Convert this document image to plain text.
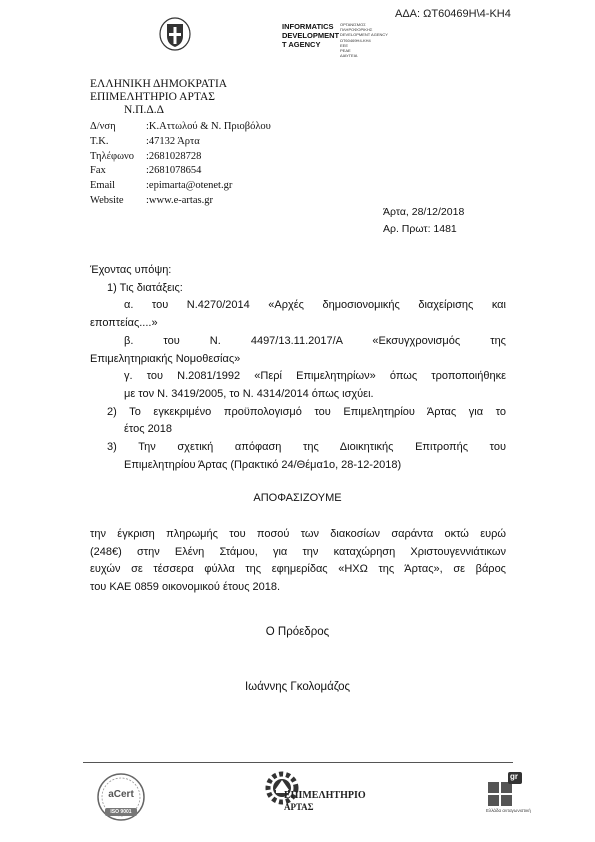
ΑΔΑ: ΩΤ60469Η\4-ΚΗ4
INFORMATICS
DEVELOPMENT
T AGENCY
ΟΡΓΑΝΙΣΜΟΣ
ΠΛΗΡΟΦΟΡΙΚΗΣ
DEVELOPMENT AGENCY
ΩΤ60469Η4-ΚΗ4
EEE
PEAE
ΔΙΑΥΓΕΙΑ
ΕΛΛΗΝΙΚΗ ΔΗΜΟΚΡΑΤΙΑ
ΕΠΙΜΕΛΗΤΗΡΙΟ ΑΡΤΑΣ
Ν.Π.Δ.Δ
Δ/νση	:Κ.Αττωλού & Ν. Πριοβόλου
Τ.Κ.	:47132 Άρτα
Τηλέφωνο :2681028728
Fax	:2681078654
Email	:epimarta@otenet.gr
Website :www.e-artas.gr
Άρτα, 28/12/2018
Αρ. Πρωτ: 1481
Έχοντας υπόψη:
1) Τις διατάξεις:
α. του Ν.4270/2014 «Αρχές δημοσιονομικής διαχείρισης και
εποπτείας....»
β. του Ν. 4497/13.11.2017/Α «Εκσυγχρονισμός της
Επιμελητηριακής Νομοθεσίας»
γ. του Ν.2081/1992 «Περί Επιμελητηρίων» όπως τροποποιήθηκε
με τον Ν. 3419/2005, το Ν. 4314/2014 όπως ισχύει.
2) Το εγκεκριμένο προϋπολογισμό του Επιμελητηρίου Άρτας για το
έτος 2018
3) Την σχετική απόφαση της Διοικητικής Επιτροπής του
Επιμελητηρίου Άρτας (Πρακτικό 24/Θέμα1ο, 28-12-2018)
ΑΠΟΦΑΣΙΖΟΥΜΕ
την έγκριση πληρωμής του ποσού των διακοσίων σαράντα οκτώ ευρώ
(248€) στην Ελένη Στάμου, για την καταχώρηση Χριστουγεννιάτικων
ευχών σε τέσσερα φύλλα της εφημερίδας «ΗΧΩ της Άρτας», σε βάρος
του ΚΑΕ 0859 οικονομικού έτους 2018.
Ο Πρόεδρος
Ιωάννης Γκολομάζος
aCert
ISO 9001
ΕΠΙΜΕΛΗΤΗΡΙΟ
ΑΡΤΑΣ
gr
Ελλάδα ανταγωνιστική
